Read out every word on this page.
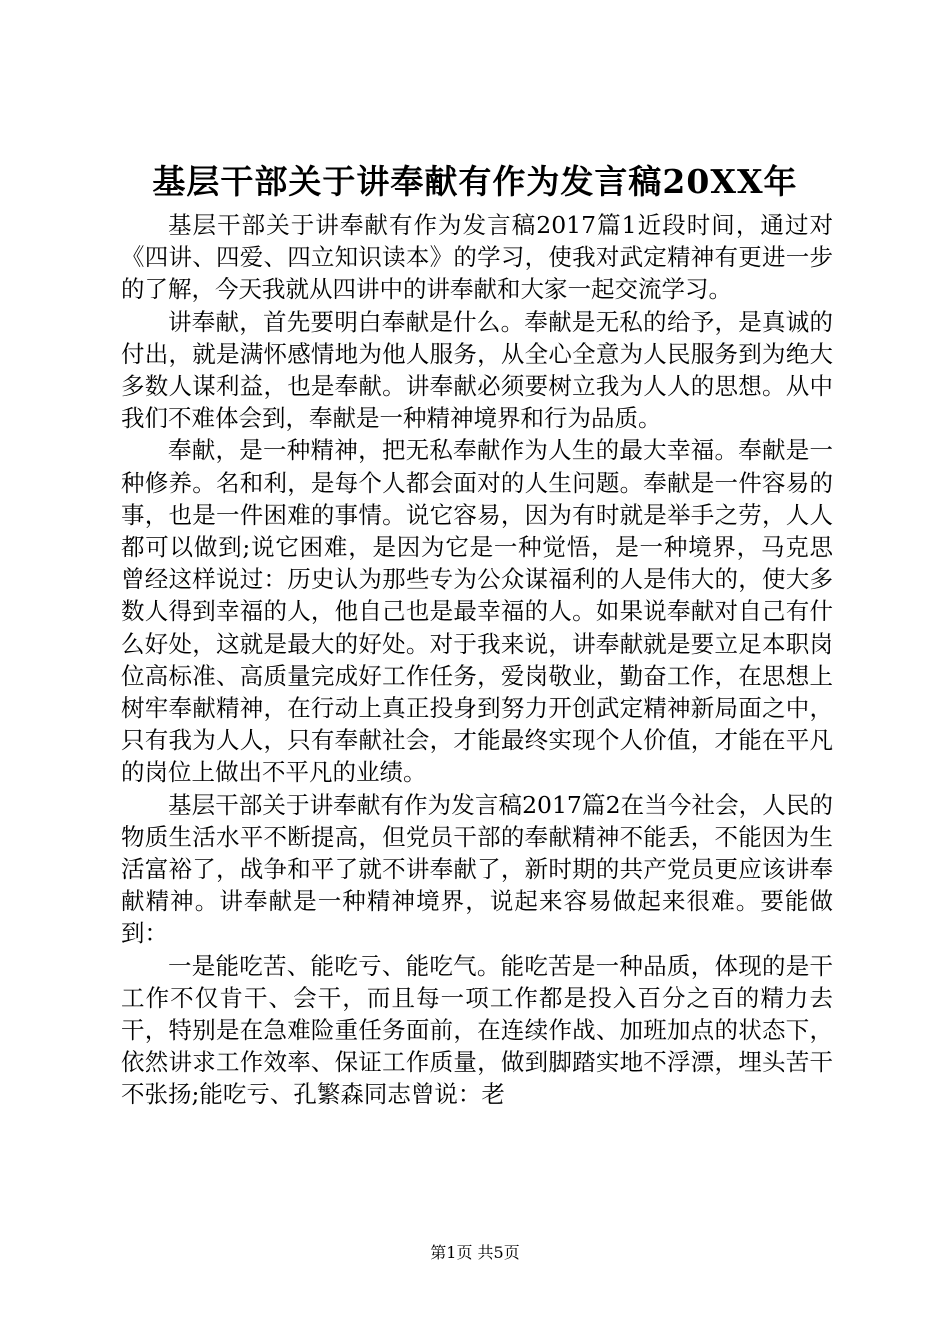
基层干部关于讲奉献有作为发言稿20XX年

基层干部关于讲奉献有作为发言稿2017篇1近段时间，通过对《四讲、四爱、四立知识读本》的学习，使我对武定精神有更进一步的了解，今天我就从四讲中的讲奉献和大家一起交流学习。

讲奉献，首先要明白奉献是什么。奉献是无私的给予，是真诚的付出，就是满怀感情地为他人服务，从全心全意为人民服务到为绝大多数人谋利益，也是奉献。讲奉献必须要树立我为人人的思想。从中我们不难体会到，奉献是一种精神境界和行为品质。

奉献，是一种精神，把无私奉献作为人生的最大幸福。奉献是一种修养。名和利，是每个人都会面对的人生问题。奉献是一件容易的事，也是一件困难的事情。说它容易，因为有时就是举手之劳，人人都可以做到;说它困难，是因为它是一种觉悟，是一种境界，马克思曾经这样说过：历史认为那些专为公众谋福利的人是伟大的，使大多数人得到幸福的人，他自己也是最幸福的人。如果说奉献对自己有什么好处，这就是最大的好处。对于我来说，讲奉献就是要立足本职岗位高标准、高质量完成好工作任务，爱岗敬业，勤奋工作，在思想上树牢奉献精神，在行动上真正投身到努力开创武定精神新局面之中，只有我为人人，只有奉献社会，才能最终实现个人价值，才能在平凡的岗位上做出不平凡的业绩。

基层干部关于讲奉献有作为发言稿2017篇2在当今社会，人民的物质生活水平不断提高，但党员干部的奉献精神不能丢，不能因为生活富裕了，战争和平了就不讲奉献了，新时期的共产党员更应该讲奉献精神。讲奉献是一种精神境界，说起来容易做起来很难。要能做到：

一是能吃苦、能吃亏、能吃气。能吃苦是一种品质，体现的是干工作不仅肯干、会干，而且每一项工作都是投入百分之百的精力去干，特别是在急难险重任务面前，在连续作战、加班加点的状态下，依然讲求工作效率、保证工作质量，做到脚踏实地不浮漂，埋头苦干不张扬;能吃亏、孔繁森同志曾说：老

第1页 共5页
